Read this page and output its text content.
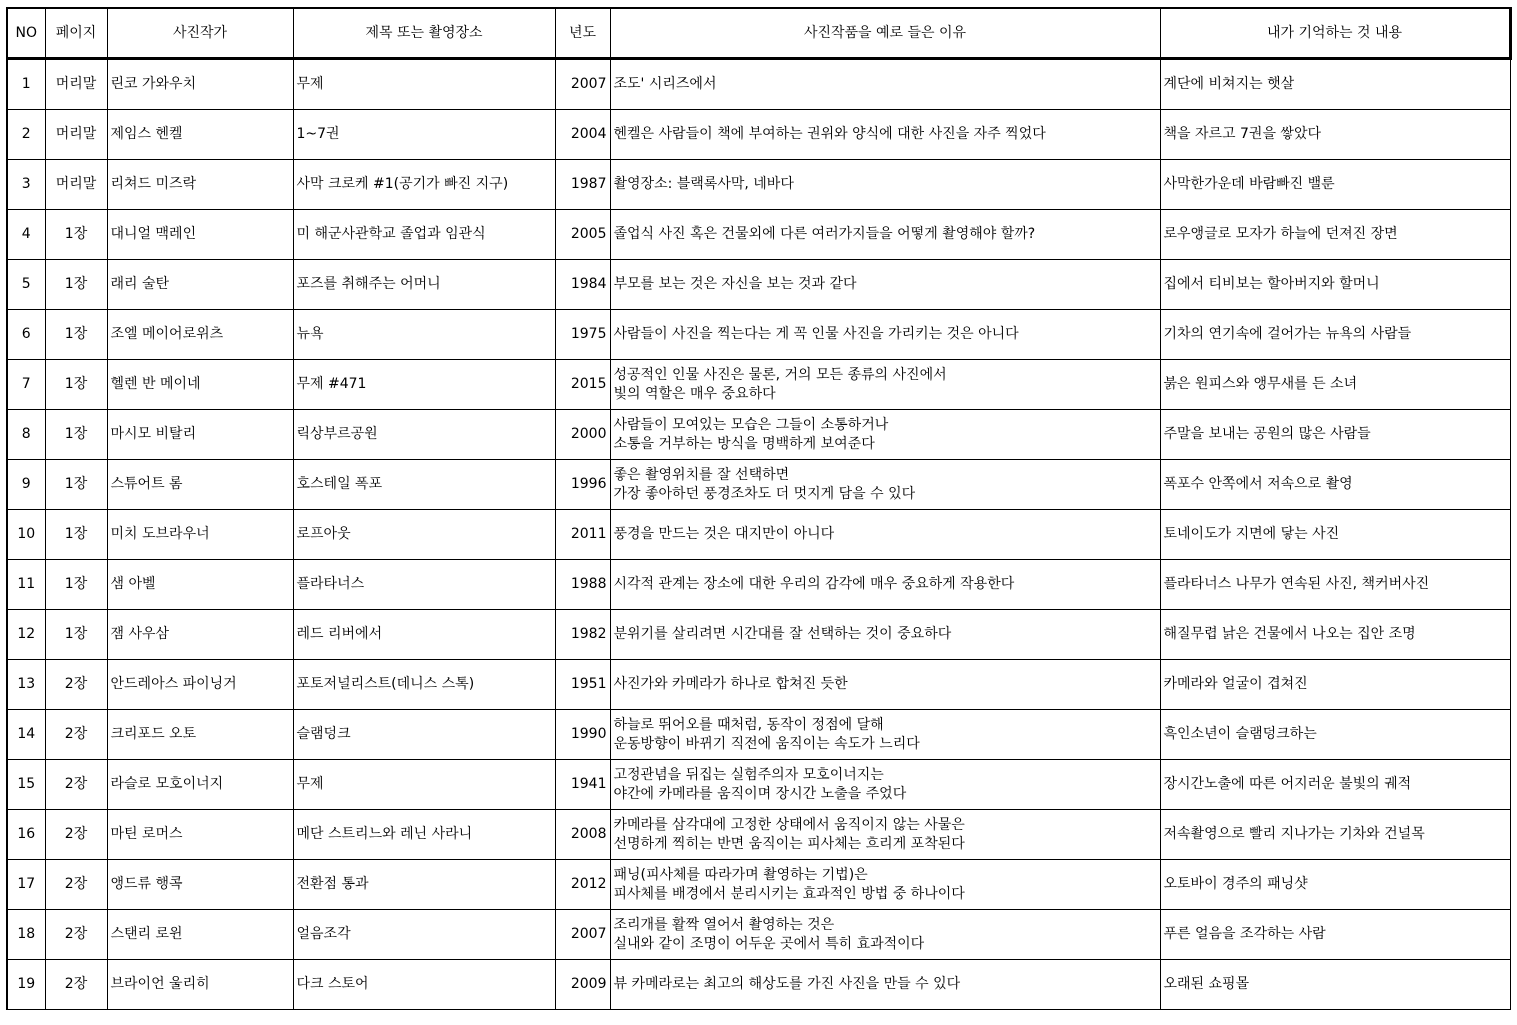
NO	페이지	사진작가	제목 또는 촬영장소	년도	사진작품을 예로 들은 이유	내가 기억하는 것 내용
1	머리말	린코 가와우치	무제	2007	조도' 시리즈에서	계단에 비쳐지는 햇살
2	머리말	제임스 헨켈	1~7권	2004	헨켈은 사람들이 책에 부여하는 권위와 양식에 대한 사진을 자주 찍었다	책을 자르고 7권을 쌓았다
3	머리말	리쳐드 미즈락	사막 크로케 #1(공기가 빠진 지구)	1987	촬영장소: 블랙록사막, 네바다	사막한가운데 바람빠진 밸룬
4	1장	대니얼 맥레인	미 해군사관학교 졸업과 임관식	2005	졸업식 사진 혹은 건물외에 다른 여러가지들을 어떻게 촬영해야 할까?	로우앵글로 모자가 하늘에 던져진 장면
5	1장	래리 술탄	포즈를 취해주는 어머니	1984	부모를 보는 것은 자신을 보는 것과 같다	집에서 티비보는 할아버지와 할머니
6	1장	조엘 메이어로위츠	뉴욕	1975	사람들이 사진을 찍는다는 게 꼭 인물 사진을 가리키는 것은 아니다	기차의 연기속에 걸어가는 뉴욕의 사람들
7	1장	헬렌 반 메이네	무제 #471	2015	성공적인 인물 사진은 물론, 거의 모든 종류의 사진에서
빛의 역할은 매우 중요하다	붉은 원피스와 앵무새를 든 소녀
8	1장	마시모 비탈리	릭상부르공원	2000	사람들이 모여있는 모습은 그들이 소통하거나
소통을 거부하는 방식을 명백하게 보여준다	주말을 보내는 공원의 많은 사람들
9	1장	스튜어트 롬	호스테일 폭포	1996	좋은 촬영위치를 잘 선택하면
가장 좋아하던 풍경조차도 더 멋지게 담을 수 있다	폭포수 안쪽에서 저속으로 촬영
10	1장	미치 도브라우너	로프아웃	2011	풍경을 만드는 것은 대지만이 아니다	토네이도가 지면에 닿는 사진
11	1장	샘 아벨	플라타너스	1988	시각적 관계는 장소에 대한 우리의 감각에 매우 중요하게 작용한다	플라타너스 나무가 연속된 사진, 책커버사진
12	1장	잼 사우삼	레드 리버에서	1982	분위기를 살리려면 시간대를 잘 선택하는 것이 중요하다	해질무렵 낡은 건물에서 나오는 집안 조명
13	2장	안드레아스 파이닝거	포토저널리스트(데니스 스톡)	1951	사진가와 카메라가 하나로 합쳐진 듯한	카메라와 얼굴이 겹쳐진
14	2장	크리포드 오토	슬램덩크	1990	하늘로 뛰어오를 때처럼, 동작이 정점에 달해
운동방향이 바뀌기 직전에 움직이는 속도가 느리다	흑인소년이 슬램덩크하는
15	2장	라슬로 모호이너지	무제	1941	고정관념을 뒤집는 실험주의자 모호이너지는
야간에 카메라를 움직이며 장시간 노출을 주었다	장시간노출에 따른 어지러운 불빛의 궤적
16	2장	마틴 로머스	메단 스트리느와 레닌 사라니	2008	카메라를 삼각대에 고정한 상태에서 움직이지 않는 사물은
선명하게 찍히는 반면 움직이는 피사체는 흐리게 포착된다	저속촬영으로 빨리 지나가는 기차와 건널목
17	2장	앵드류 행콕	전환점 통과	2012	패닝(피사체를 따라가며 촬영하는 기법)은
피사체를 배경에서 분리시키는 효과적인 방법 중 하나이다	오토바이 경주의 패닝샷
18	2장	스탠리 로윈	얼음조각	2007	조리개를 활짝 열어서 촬영하는 것은
실내와 같이 조명이 어두운 곳에서 특히 효과적이다	푸른 얼음을 조각하는 사람
19	2장	브라이언 울리히	다크 스토어	2009	뷰 카메라로는 최고의 해상도를 가진 사진을 만들 수 있다	오래된 쇼핑몰
